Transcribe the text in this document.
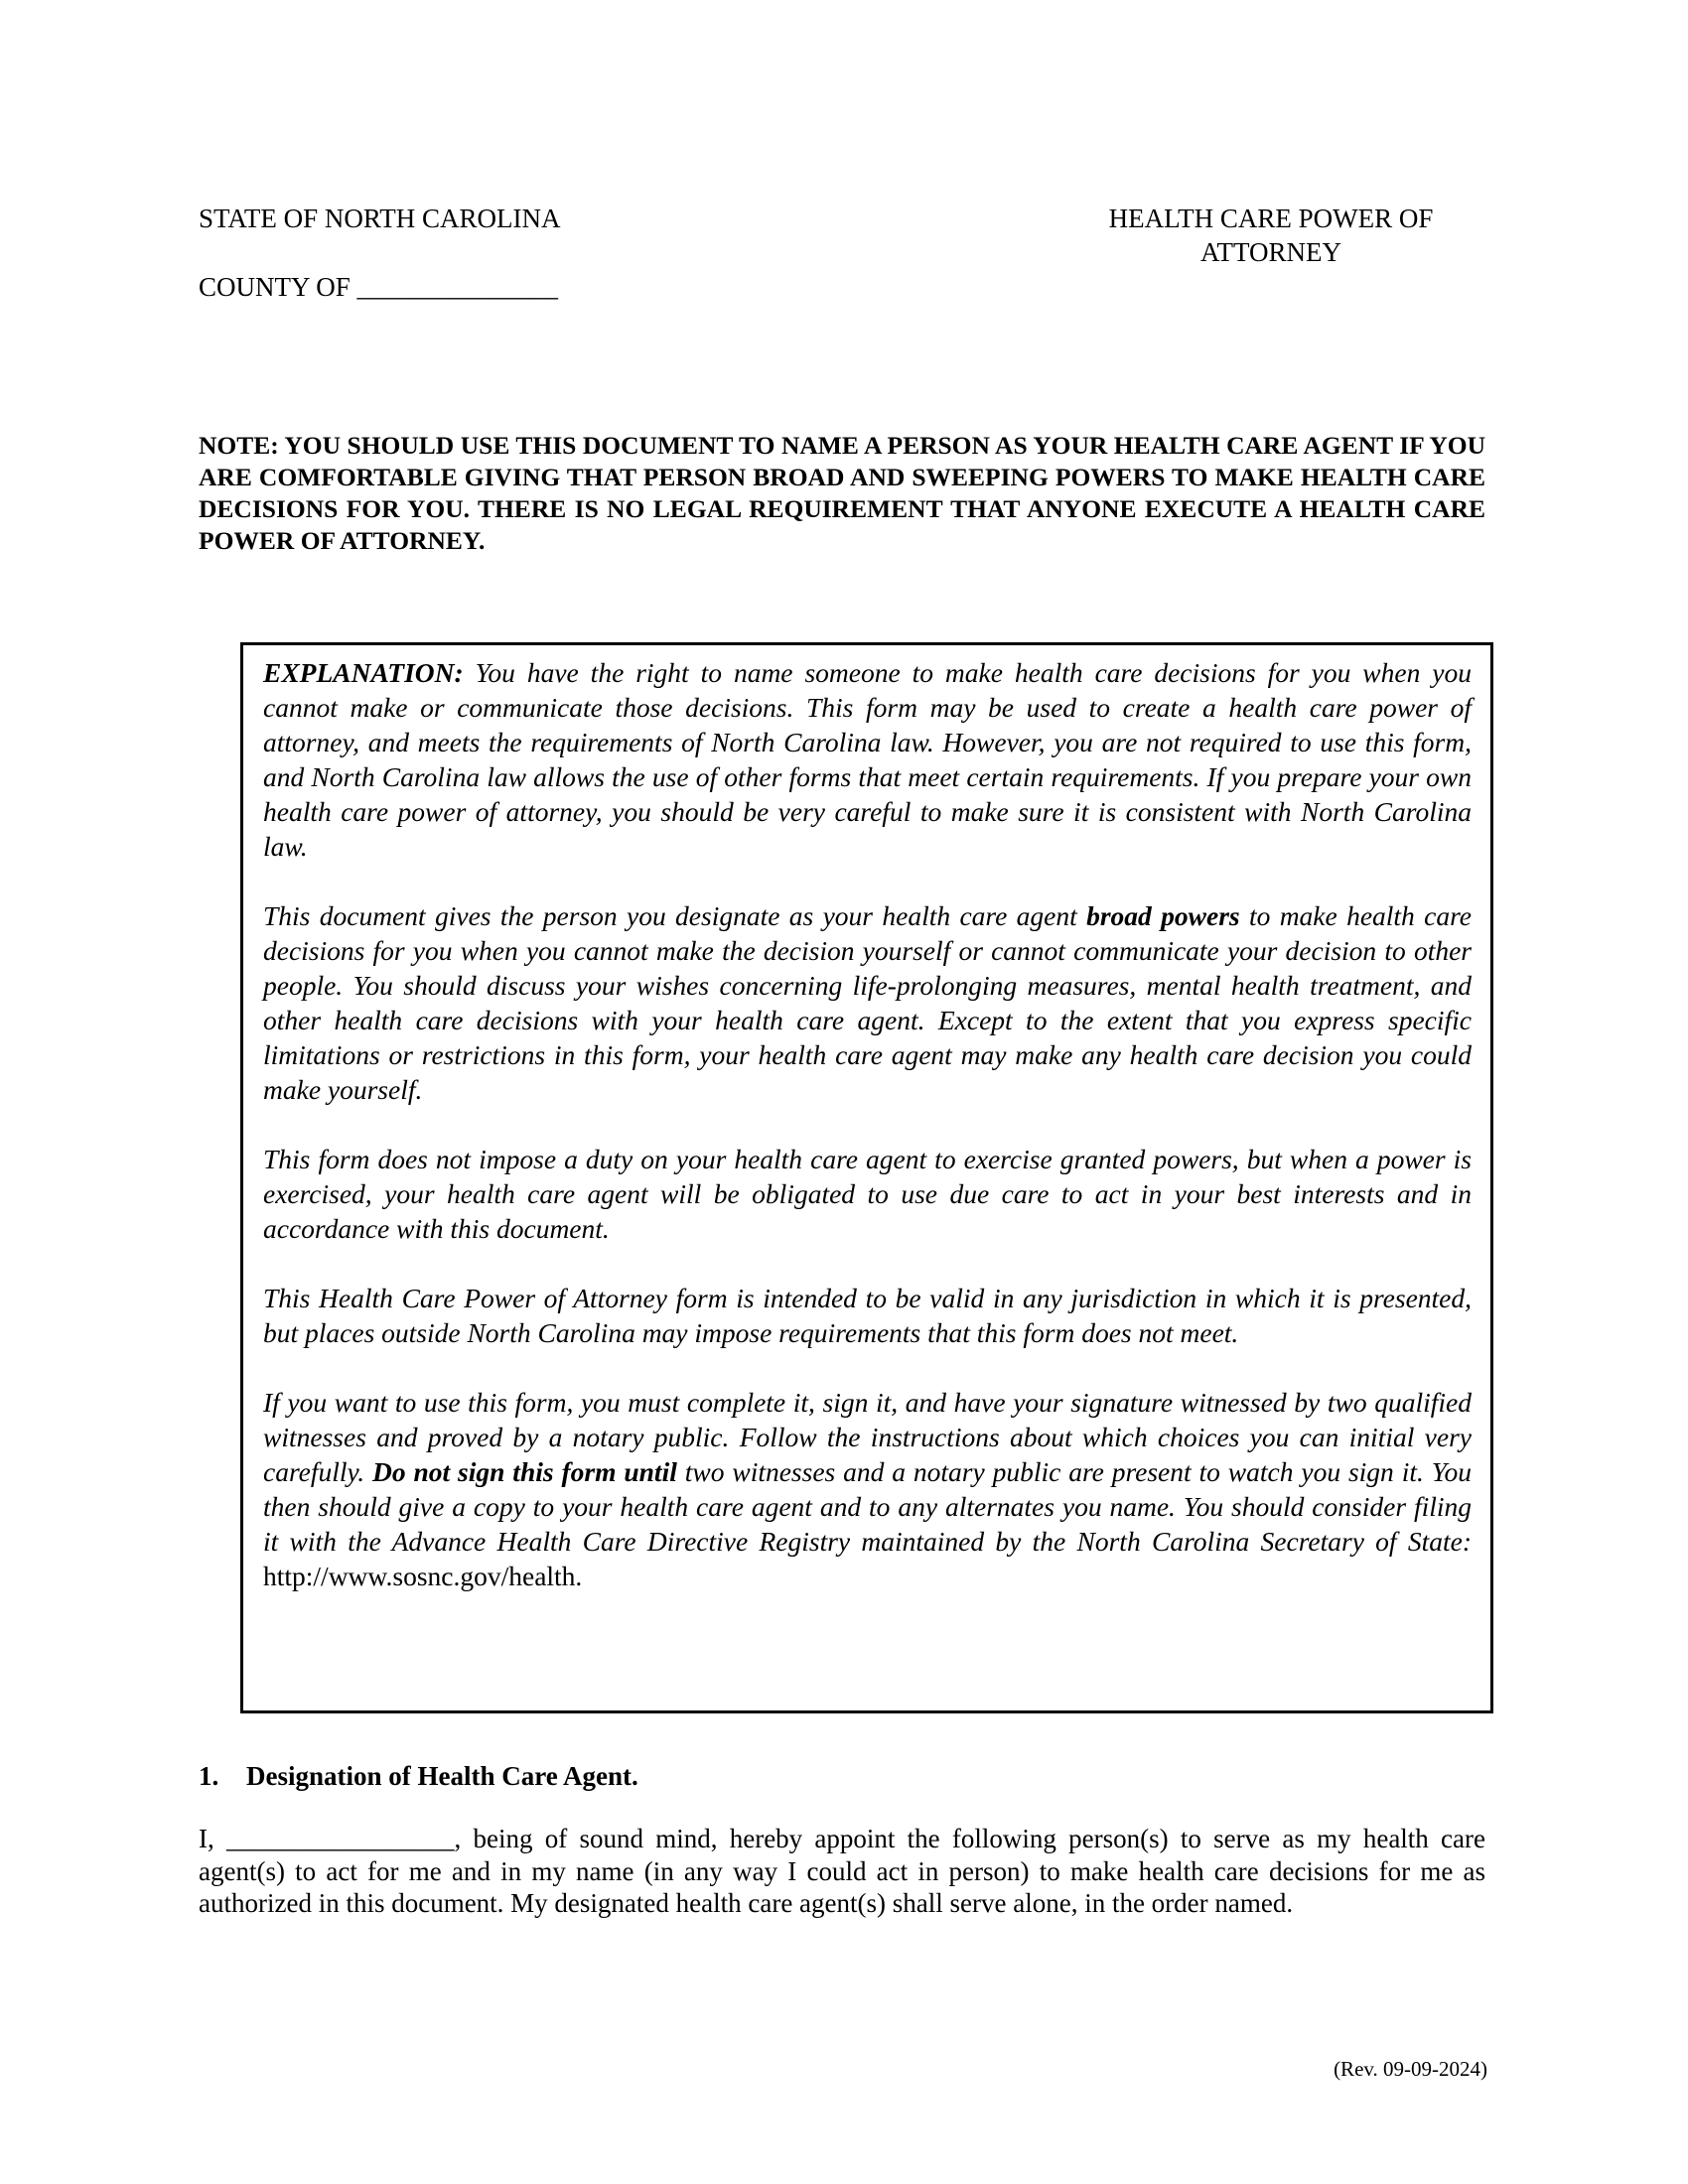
STATE OF NORTH CAROLINA	HEALTH CARE POWER OF
ATTORNEY
COUNTY OF _______________
NOTE: YOU SHOULD USE THIS DOCUMENT TO NAME A PERSON AS YOUR HEALTH CARE AGENT IF YOU ARE COMFORTABLE GIVING THAT PERSON BROAD AND SWEEPING POWERS TO MAKE HEALTH CARE DECISIONS FOR YOU. THERE IS NO LEGAL REQUIREMENT THAT ANYONE EXECUTE A HEALTH CARE POWER OF ATTORNEY.

EXPLANATION: You have the right to name someone to make health care decisions for you when you cannot make or communicate those decisions. This form may be used to create a health care power of attorney, and meets the requirements of North Carolina law. However, you are not required to use this form, and North Carolina law allows the use of other forms that meet certain requirements. If you prepare your own health care power of attorney, you should be very careful to make sure it is consistent with North Carolina law.

This document gives the person you designate as your health care agent broad powers to make health care decisions for you when you cannot make the decision yourself or cannot communicate your decision to other people. You should discuss your wishes concerning life-prolonging measures, mental health treatment, and other health care decisions with your health care agent. Except to the extent that you express specific limitations or restrictions in this form, your health care agent may make any health care decision you could make yourself.

This form does not impose a duty on your health care agent to exercise granted powers, but when a power is exercised, your health care agent will be obligated to use due care to act in your best interests and in accordance with this document.

This Health Care Power of Attorney form is intended to be valid in any jurisdiction in which it is presented, but places outside North Carolina may impose requirements that this form does not meet.

If you want to use this form, you must complete it, sign it, and have your signature witnessed by two qualified witnesses and proved by a notary public. Follow the instructions about which choices you can initial very carefully. Do not sign this form until two witnesses and a notary public are present to watch you sign it. You then should give a copy to your health care agent and to any alternates you name. You should consider filing it with the Advance Health Care Directive Registry maintained by the North Carolina Secretary of State: http://www.sosnc.gov/health.

1. Designation of Health Care Agent.

I, _________________, being of sound mind, hereby appoint the following person(s) to serve as my health care agent(s) to act for me and in my name (in any way I could act in person) to make health care decisions for me as authorized in this document. My designated health care agent(s) shall serve alone, in the order named.

(Rev. 09-09-2024)
